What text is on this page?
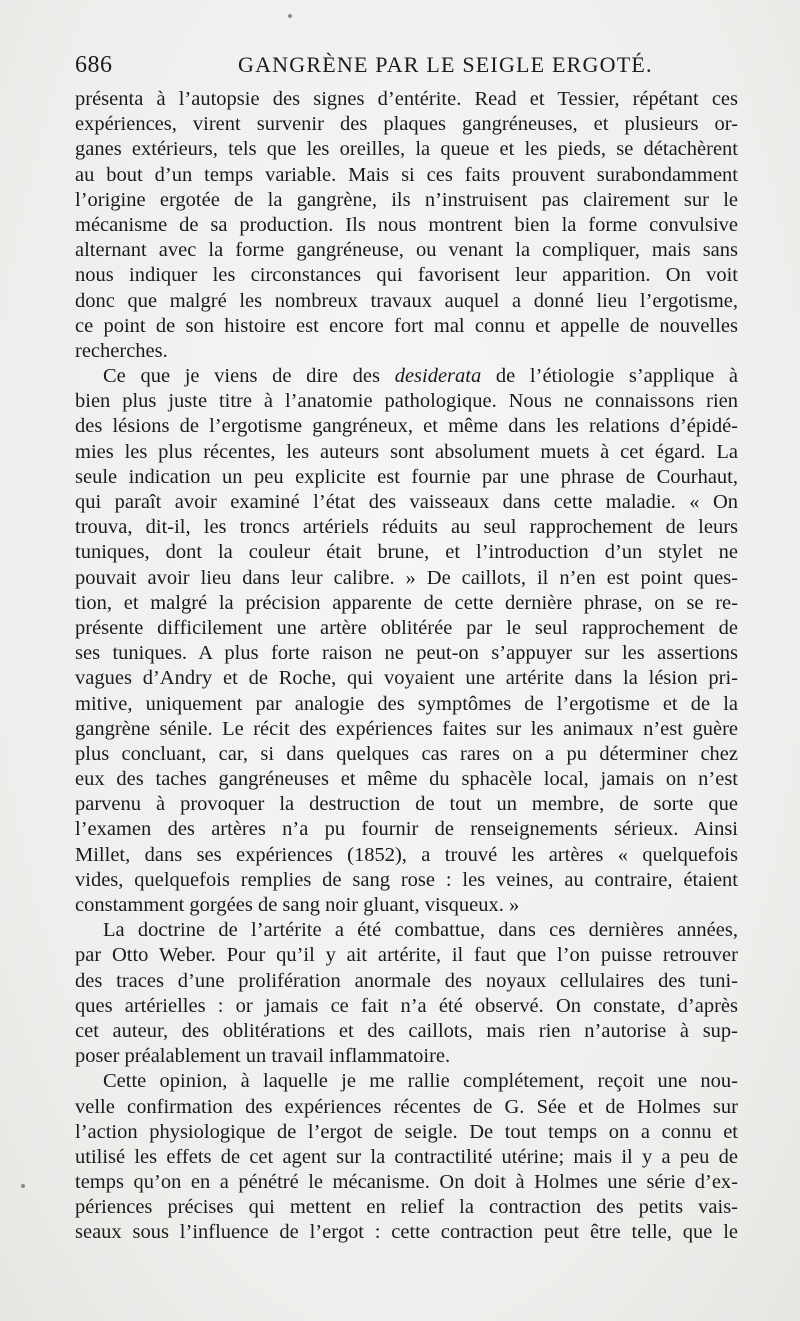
686	GANGRÈNE PAR LE SEIGLE ERGOTÉ.
présenta à l’autopsie des signes d’entérite. Read et Tessier, répétant ces
expériences, virent survenir des plaques gangréneuses, et plusieurs or-
ganes extérieurs, tels que les oreilles, la queue et les pieds, se détachèrent
au bout d’un temps variable. Mais si ces faits prouvent surabondamment
l’origine ergotée de la gangrène, ils n’instruisent pas clairement sur le
mécanisme de sa production. Ils nous montrent bien la forme convulsive
alternant avec la forme gangréneuse, ou venant la compliquer, mais sans
nous indiquer les circonstances qui favorisent leur apparition. On voit
donc que malgré les nombreux travaux auquel a donné lieu l’ergotisme,
ce point de son histoire est encore fort mal connu et appelle de nouvelles
recherches.
Ce que je viens de dire des desiderata de l’étiologie s’applique à
bien plus juste titre à l’anatomie pathologique. Nous ne connaissons rien
des lésions de l’ergotisme gangréneux, et même dans les relations d’épidé-
mies les plus récentes, les auteurs sont absolument muets à cet égard. La
seule indication un peu explicite est fournie par une phrase de Courhaut,
qui paraît avoir examiné l’état des vaisseaux dans cette maladie. « On
trouva, dit-il, les troncs artériels réduits au seul rapprochement de leurs
tuniques, dont la couleur était brune, et l’introduction d’un stylet ne
pouvait avoir lieu dans leur calibre. » De caillots, il n’en est point ques-
tion, et malgré la précision apparente de cette dernière phrase, on se re-
présente difficilement une artère oblitérée par le seul rapprochement de
ses tuniques. A plus forte raison ne peut-on s’appuyer sur les assertions
vagues d’Andry et de Roche, qui voyaient une artérite dans la lésion pri-
mitive, uniquement par analogie des symptômes de l’ergotisme et de la
gangrène sénile. Le récit des expériences faites sur les animaux n’est guère
plus concluant, car, si dans quelques cas rares on a pu déterminer chez
eux des taches gangréneuses et même du sphacèle local, jamais on n’est
parvenu à provoquer la destruction de tout un membre, de sorte que
l’examen des artères n’a pu fournir de renseignements sérieux. Ainsi
Millet, dans ses expériences (1852), a trouvé les artères « quelquefois
vides, quelquefois remplies de sang rose : les veines, au contraire, étaient
constamment gorgées de sang noir gluant, visqueux. »
La doctrine de l’artérite a été combattue, dans ces dernières années,
par Otto Weber. Pour qu’il y ait artérite, il faut que l’on puisse retrouver
des traces d’une prolifération anormale des noyaux cellulaires des tuni-
ques artérielles : or jamais ce fait n’a été observé. On constate, d’après
cet auteur, des oblitérations et des caillots, mais rien n’autorise à sup-
poser préalablement un travail inflammatoire.
Cette opinion, à laquelle je me rallie complétement, reçoit une nou-
velle confirmation des expériences récentes de G. Sée et de Holmes sur
l’action physiologique de l’ergot de seigle. De tout temps on a connu et
utilisé les effets de cet agent sur la contractilité utérine; mais il y a peu de
temps qu’on en a pénétré le mécanisme. On doit à Holmes une série d’ex-
périences précises qui mettent en relief la contraction des petits vais-
seaux sous l’influence de l’ergot : cette contraction peut être telle, que le
